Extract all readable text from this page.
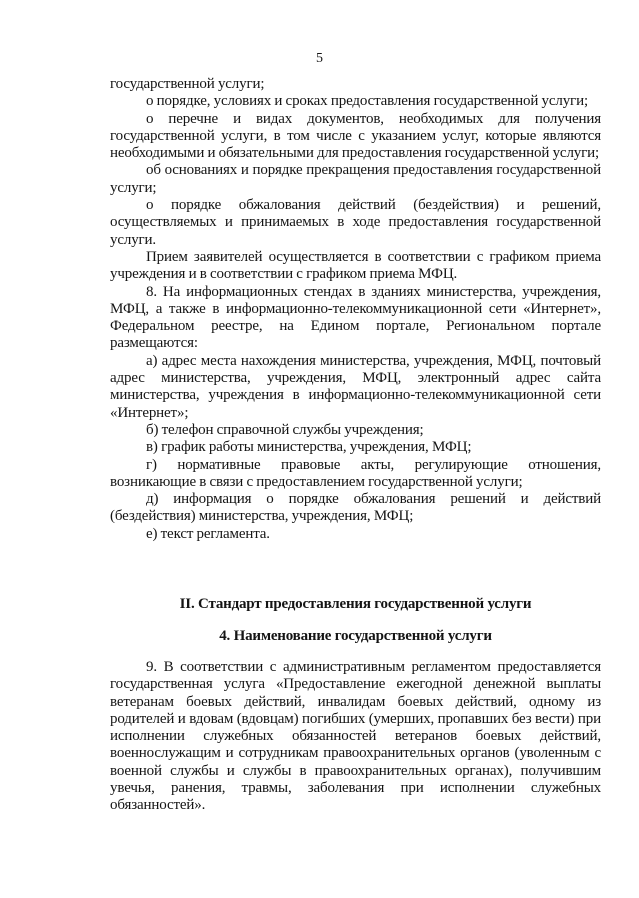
5

государственной услуги;

о порядке, условиях и сроках предоставления государственной услуги;

о перечне и видах документов, необходимых для получения государственной услуги, в том числе с указанием услуг, которые являются необходимыми и обязательными для предоставления государственной услуги;

об основаниях и порядке прекращения предоставления государственной услуги;

о порядке обжалования действий (бездействия) и решений, осуществляемых и принимаемых в ходе предоставления государственной услуги.

Прием заявителей осуществляется в соответствии с графиком приема учреждения и в соответствии с графиком приема МФЦ.

8. На информационных стендах в зданиях министерства, учреждения, МФЦ, а также в информационно-телекоммуникационной сети «Интернет», Федеральном реестре, на Едином портале, Региональном портале размещаются:

а) адрес места нахождения министерства, учреждения, МФЦ, почтовый адрес министерства, учреждения, МФЦ, электронный адрес сайта министерства, учреждения в информационно-телекоммуникационной сети «Интернет»;

б) телефон справочной службы учреждения;

в) график работы министерства, учреждения, МФЦ;

г) нормативные правовые акты, регулирующие отношения, возникающие в связи с предоставлением государственной услуги;

д) информация о порядке обжалования решений и действий (бездействия) министерства, учреждения, МФЦ;

е) текст регламента.

II. Стандарт предоставления государственной услуги
4. Наименование государственной услуги

9. В соответствии с административным регламентом предоставляется государственная услуга «Предоставление ежегодной денежной выплаты ветеранам боевых действий, инвалидам боевых действий, одному из родителей и вдовам (вдовцам) погибших (умерших, пропавших без вести) при исполнении служебных обязанностей ветеранов боевых действий, военнослужащим и сотрудникам правоохранительных органов (уволенным с военной службы и службы в правоохранительных органах), получившим увечья, ранения, травмы, заболевания при исполнении служебных обязанностей».
